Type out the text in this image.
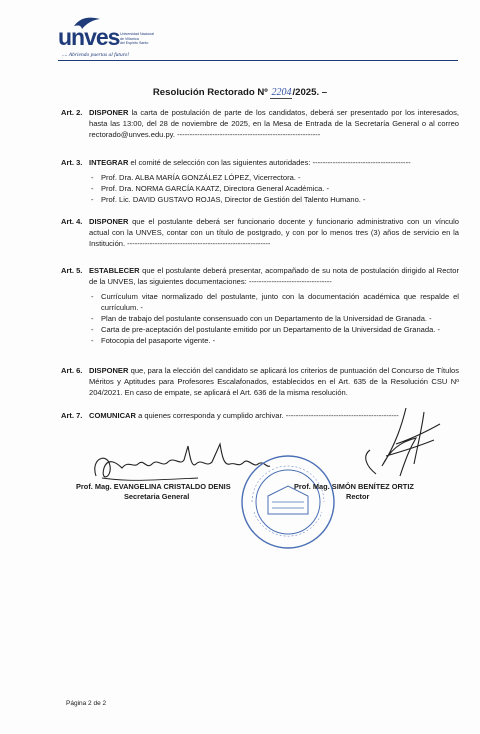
unves Universidad Nacional
de Villarrica
del Espíritu Santo
.... Abriendo puertas al futuro!
Resolución Rectorado Nº 2204/2025. –
Art. 2. DISPONER la carta de postulación de parte de los candidatos, deberá ser presentado por los interesados, hasta las 13:00, del 28 de noviembre de 2025, en la Mesa de Entrada de la Secretaría General o al correo rectorado@unves.edu.py. ---------------------------------------------------------
Art. 3. INTEGRAR el comité de selección con las siguientes autoridades: ---------------------------------------
- Prof. Dra. ALBA MARÍA GONZÁLEZ LÓPEZ, Vicerrectora. -
- Prof. Dra. NORMA GARCÍA KAATZ, Directora General Académica. -
- Prof. Lic. DAVID GUSTAVO ROJAS, Director de Gestión del Talento Humano. -
Art. 4. DISPONER que el postulante deberá ser funcionario docente y funcionario administrativo con un vínculo actual con la UNVES, contar con un título de postgrado, y con por lo menos tres (3) años de servicio en la Institución. ---------------------------------------------------------
Art. 5. ESTABLECER que el postulante deberá presentar, acompañado de su nota de postulación dirigido al Rector de la UNVES, las siguientes documentaciones: ---------------------------------
- Currículum vitae normalizado del postulante, junto con la documentación académica que respalde el currículum. -
- Plan de trabajo del postulante consensuado con un Departamento de la Universidad de Granada. -
- Carta de pre-aceptación del postulante emitido por un Departamento de la Universidad de Granada. -
- Fotocopia del pasaporte vigente. -
Art. 6. DISPONER que, para la elección del candidato se aplicará los criterios de puntuación del Concurso de Títulos Méritos y Aptitudes para Profesores Escalafonados, establecidos en el Art. 635 de la Resolución CSU Nº 204/2021. En caso de empate, se aplicará el Art. 636 de la misma resolución.
Art. 7. COMUNICAR a quienes corresponda y cumplido archivar. ---------------------------------------------
Prof. Mag. EVANGELINA CRISTALDO DENIS
Secretaria General
Prof. Mag. SIMÓN BENÍTEZ ORTIZ
Rector
Página 2 de 2
